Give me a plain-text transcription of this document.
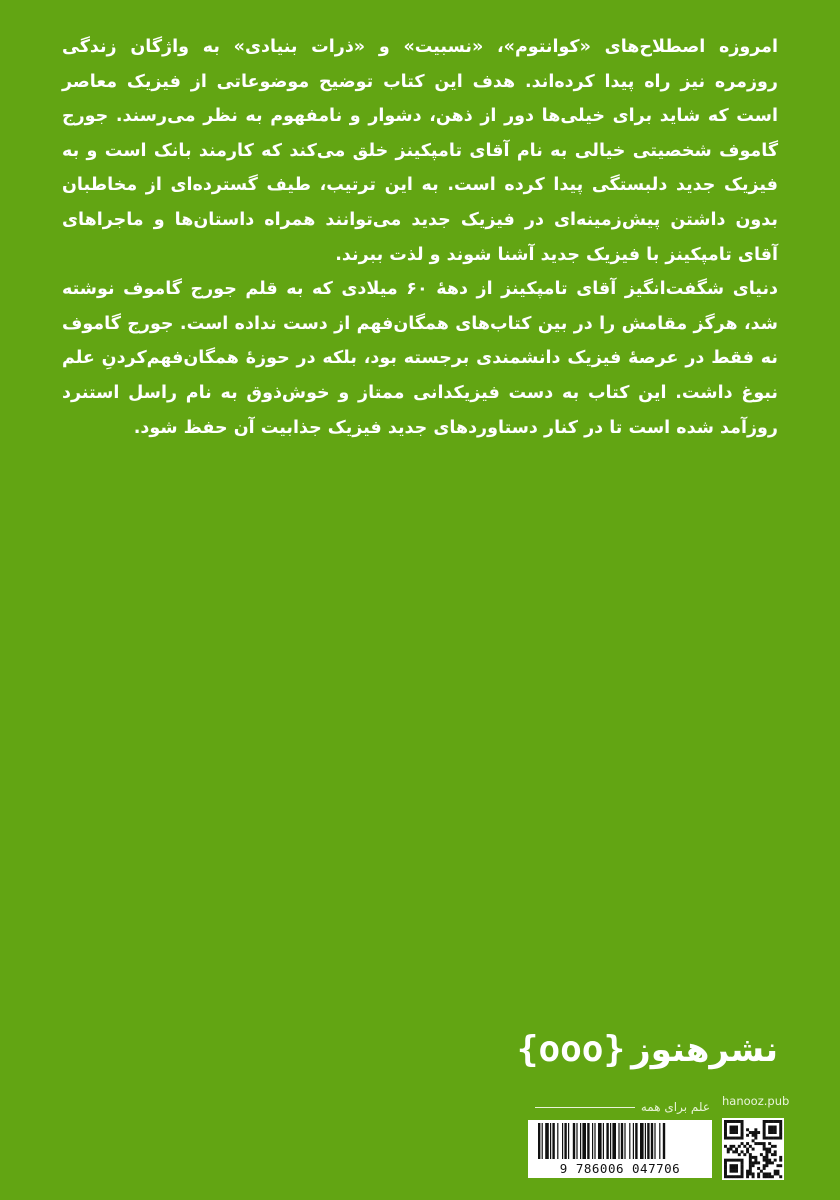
امروزه اصطلاح‌های «کوانتوم»، «نسبیت» و «ذرات بنیادی» به واژگان زندگی روزمره نیز راه پیدا کرده‌اند. هدف این کتاب توضیح موضوعاتی از فیزیک معاصر است که شاید برای خیلی‌ها دور از ذهن، دشوار و نامفهوم به نظر می‌رسند. جورج گاموف شخصیتی خیالی به نام آقای تامپکینز خلق می‌کند که کارمند بانک است و به فیزیک جدید دلبستگی پیدا کرده است. به این ترتیب، طیف گسترده‌ای از مخاطبان بدون داشتن پیش‌زمینه‌ای در فیزیک جدید می‌توانند همراه داستان‌ها و ماجراهای آقای تامپکینز با فیزیک جدید آشنا شوند و لذت ببرند.

دنیای شگفت‌انگیز آقای تامپکینز از دههٔ ۶۰ میلادی که به قلم جورج گاموف نوشته شد، هرگز مقامش را در بین کتاب‌های همگان‌فهم از دست نداده است. جورج گاموف نه فقط در عرصهٔ فیزیک دانشمندی برجسته بود، بلکه در حوزهٔ همگان‌فهم‌کردنِ علم نبوغ داشت. این کتاب به دست فیزیکدانی ممتاز و خوش‌ذوق به نام راسل استنرد روزآمد شده است تا در کنار دستاوردهای جدید فیزیک جذابیت آن حفظ شود.

نشرهنوز
{ooo}
علم برای همه hanooz.pub
9 786006 047706
